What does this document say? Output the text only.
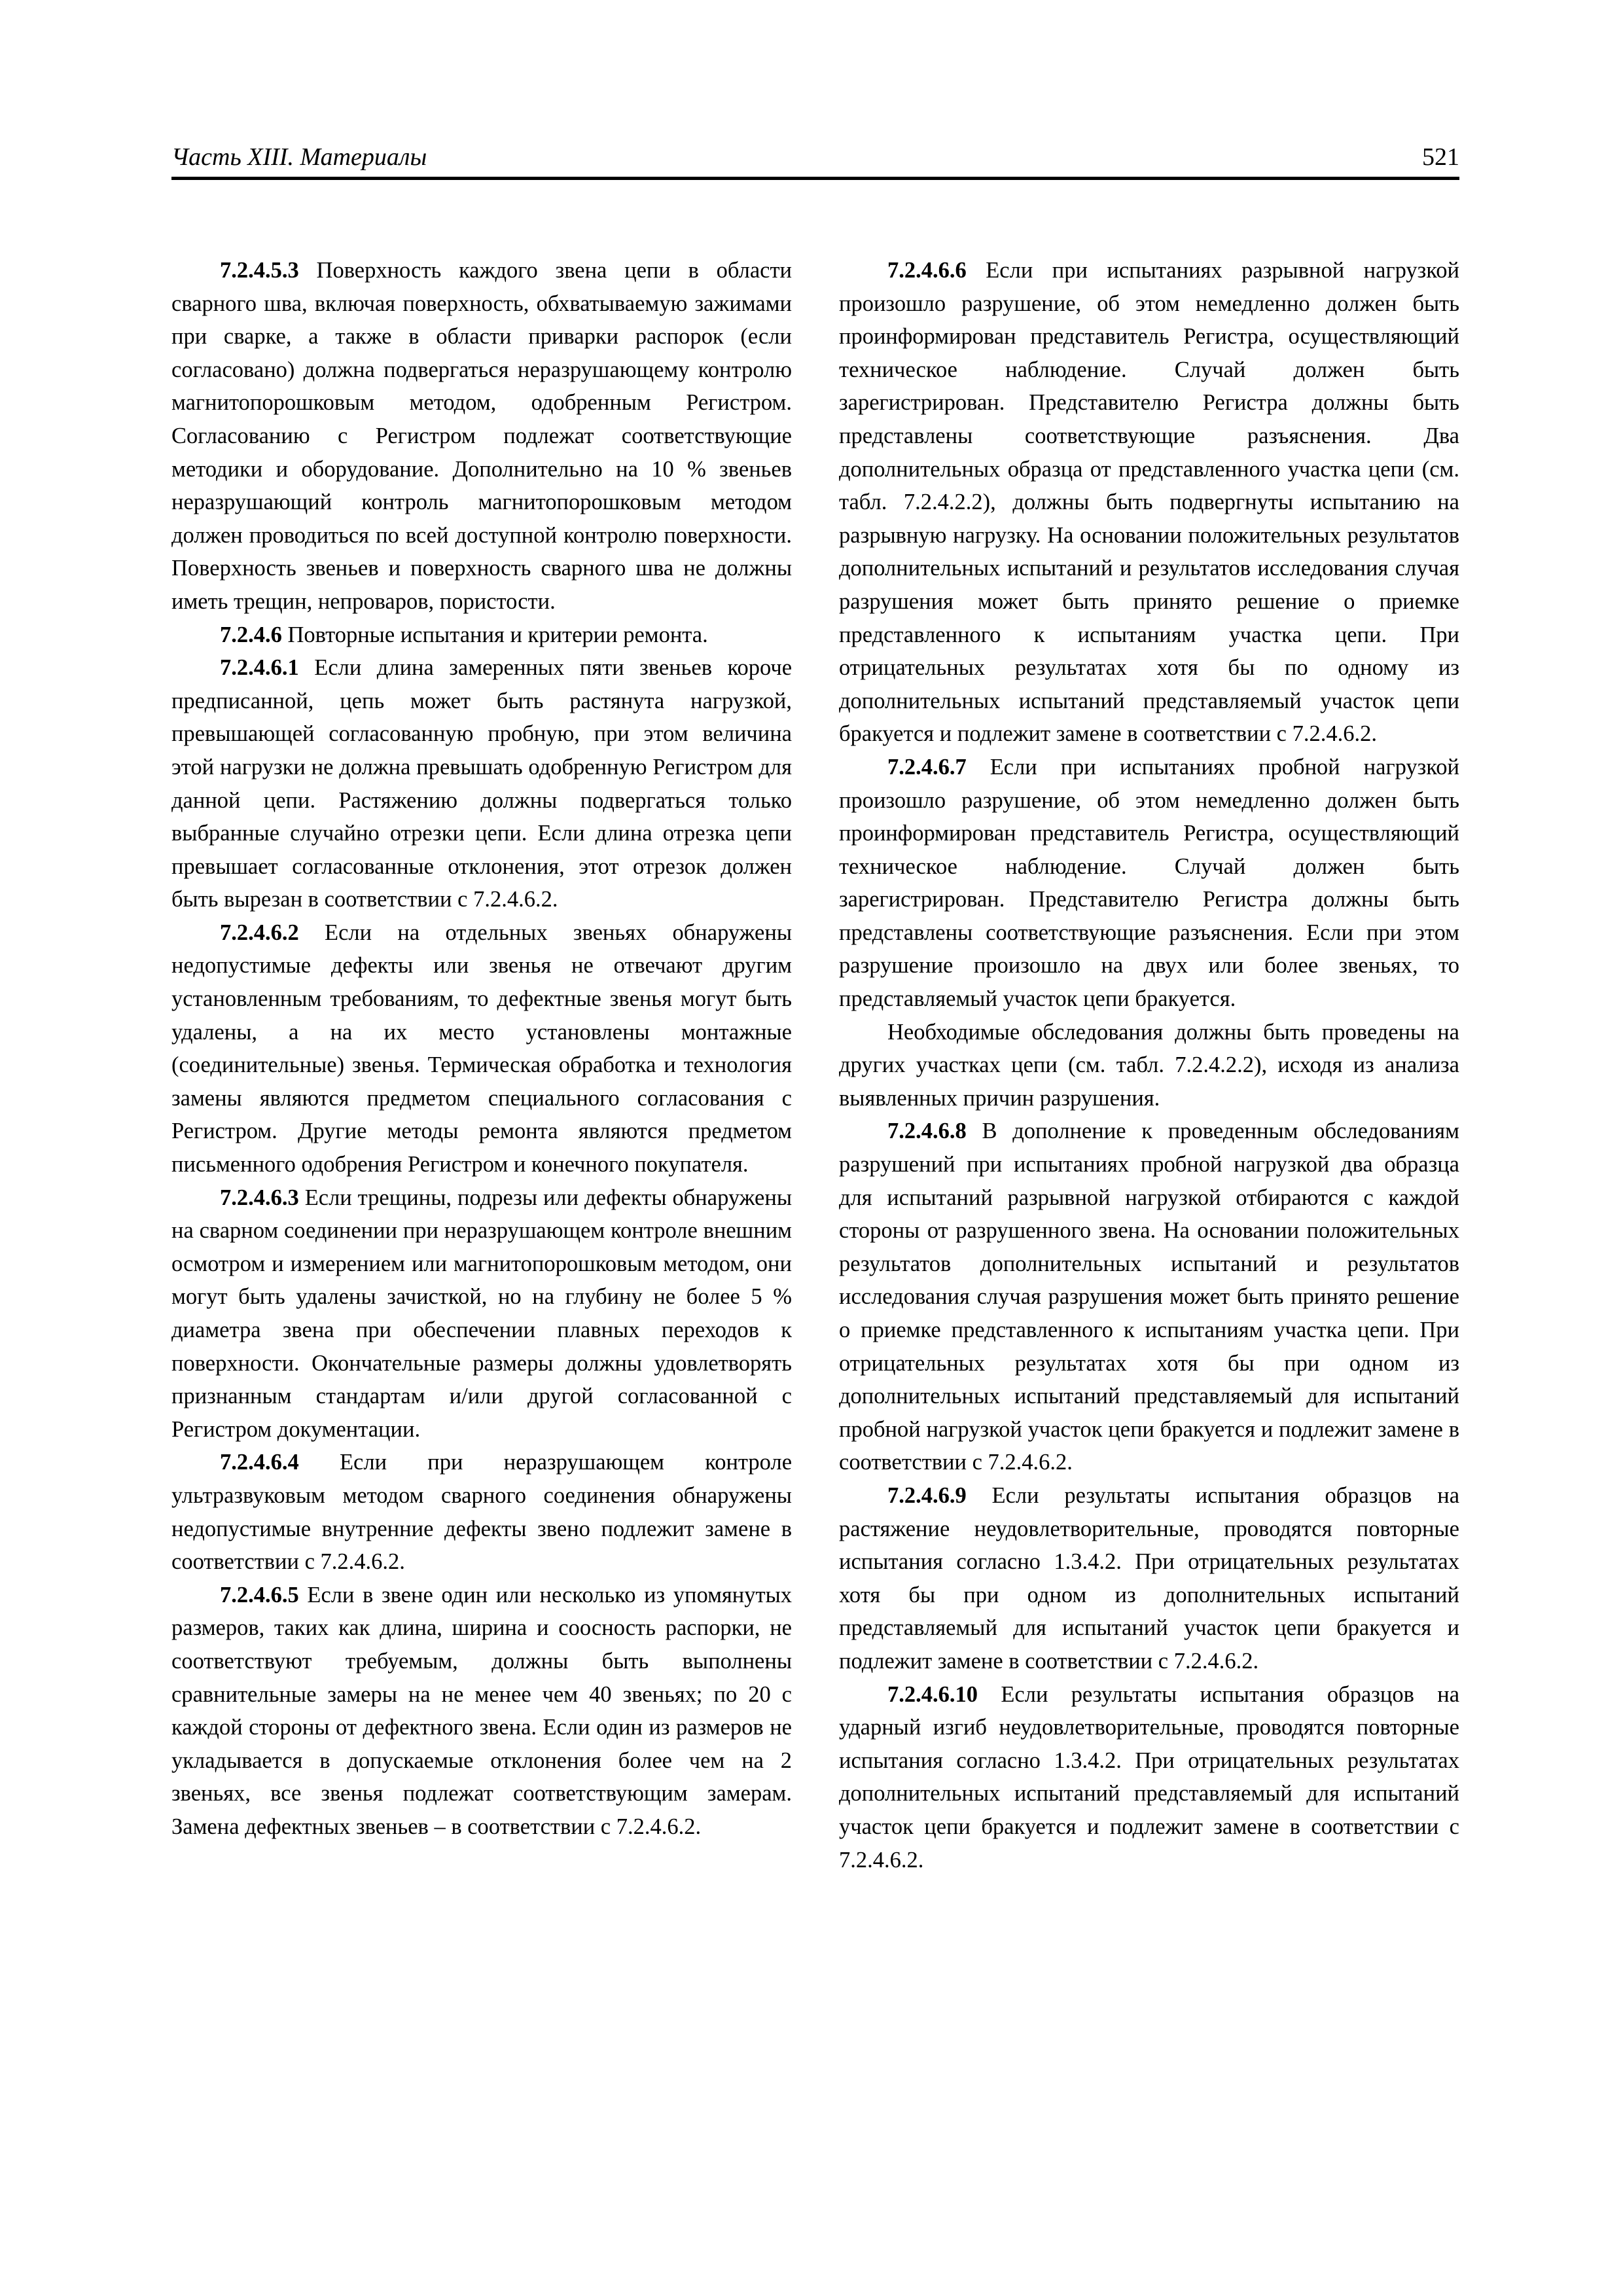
Часть XIII. Материалы	521

7.2.4.5.3 Поверхность каждого звена цепи в области сварного шва, включая поверхность, обхватываемую зажимами при сварке, а также в области приварки распорок (если согласовано) должна подвергаться неразрушающему контролю магнитопорошковым методом, одобренным Регистром. Согласованию с Регистром подлежат соответствующие методики и оборудование. Дополнительно на 10 % звеньев неразрушающий контроль магнитопорошковым методом должен проводиться по всей доступной контролю поверхности. Поверхность звеньев и поверхность сварного шва не должны иметь трещин, непроваров, пористости.

7.2.4.6 Повторные испытания и критерии ремонта.

7.2.4.6.1 Если длина замеренных пяти звеньев короче предписанной, цепь может быть растянута нагрузкой, превышающей согласованную пробную, при этом величина этой нагрузки не должна превышать одобренную Регистром для данной цепи. Растяжению должны подвергаться только выбранные случайно отрезки цепи. Если длина отрезка цепи превышает согласованные отклонения, этот отрезок должен быть вырезан в соответствии с 7.2.4.6.2.

7.2.4.6.2 Если на отдельных звеньях обнаружены недопустимые дефекты или звенья не отвечают другим установленным требованиям, то дефектные звенья могут быть удалены, а на их место установлены монтажные (соединительные) звенья. Термическая обработка и технология замены являются предметом специального согласования с Регистром. Другие методы ремонта являются предметом письменного одобрения Регистром и конечного покупателя.

7.2.4.6.3 Если трещины, подрезы или дефекты обнаружены на сварном соединении при неразрушающем контроле внешним осмотром и измерением или магнитопорошковым методом, они могут быть удалены зачисткой, но на глубину не более 5 % диаметра звена при обеспечении плавных переходов к поверхности. Окончательные размеры должны удовлетворять признанным стандартам и/или другой согласованной с Регистром документации.

7.2.4.6.4 Если при неразрушающем контроле ультразвуковым методом сварного соединения обнаружены недопустимые внутренние дефекты звено подлежит замене в соответствии с 7.2.4.6.2.

7.2.4.6.5 Если в звене один или несколько из упомянутых размеров, таких как длина, ширина и соосность распорки, не соответствуют требуемым, должны быть выполнены сравнительные замеры на не менее чем 40 звеньях; по 20 с каждой стороны от дефектного звена. Если один из размеров не укладывается в допускаемые отклонения более чем на 2 звеньях, все звенья подлежат соответствующим замерам. Замена дефектных звеньев – в соответствии с 7.2.4.6.2.

7.2.4.6.6 Если при испытаниях разрывной нагрузкой произошло разрушение, об этом немедленно должен быть проинформирован представитель Регистра, осуществляющий техническое наблюдение. Случай должен быть зарегистрирован. Представителю Регистра должны быть представлены соответствующие разъяснения. Два дополнительных образца от представленного участка цепи (см. табл. 7.2.4.2.2), должны быть подвергнуты испытанию на разрывную нагрузку. На основании положительных результатов дополнительных испытаний и результатов исследования случая разрушения может быть принято решение о приемке представленного к испытаниям участка цепи. При отрицательных результатах хотя бы по одному из дополнительных испытаний представляемый участок цепи бракуется и подлежит замене в соответствии с 7.2.4.6.2.

7.2.4.6.7 Если при испытаниях пробной нагрузкой произошло разрушение, об этом немедленно должен быть проинформирован представитель Регистра, осуществляющий техническое наблюдение. Случай должен быть зарегистрирован. Представителю Регистра должны быть представлены соответствующие разъяснения. Если при этом разрушение произошло на двух или более звеньях, то представляемый участок цепи бракуется.

Необходимые обследования должны быть проведены на других участках цепи (см. табл. 7.2.4.2.2), исходя из анализа выявленных причин разрушения.

7.2.4.6.8 В дополнение к проведенным обследованиям разрушений при испытаниях пробной нагрузкой два образца для испытаний разрывной нагрузкой отбираются с каждой стороны от разрушенного звена. На основании положительных результатов дополнительных испытаний и результатов исследования случая разрушения может быть принято решение о приемке представленного к испытаниям участка цепи. При отрицательных результатах хотя бы при одном из дополнительных испытаний представляемый для испытаний пробной нагрузкой участок цепи бракуется и подлежит замене в соответствии с 7.2.4.6.2.

7.2.4.6.9 Если результаты испытания образцов на растяжение неудовлетворительные, проводятся повторные испытания согласно 1.3.4.2. При отрицательных результатах хотя бы при одном из дополнительных испытаний представляемый для испытаний участок цепи бракуется и подлежит замене в соответствии с 7.2.4.6.2.

7.2.4.6.10 Если результаты испытания образцов на ударный изгиб неудовлетворительные, проводятся повторные испытания согласно 1.3.4.2. При отрицательных результатах дополнительных испытаний представляемый для испытаний участок цепи бракуется и подлежит замене в соответствии с 7.2.4.6.2.
